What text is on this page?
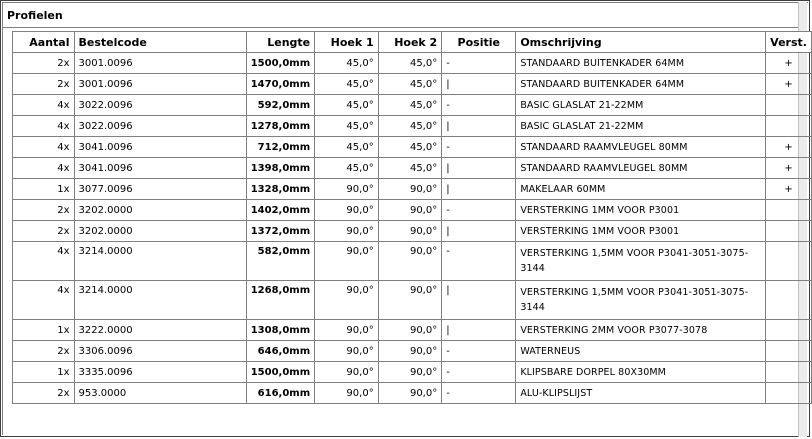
Profielen
Aantal	Bestelcode	Lengte	Hoek 1	Hoek 2	Positie	Omschrijving	Verst.
2x	3001.0096	1500,0mm	45,0°	45,0°	-	STANDAARD BUITENKADER 64MM	+
2x	3001.0096	1470,0mm	45,0°	45,0°	|	STANDAARD BUITENKADER 64MM	+
4x	3022.0096	592,0mm	45,0°	45,0°	-	BASIC GLASLAT 21-22MM	
4x	3022.0096	1278,0mm	45,0°	45,0°	|	BASIC GLASLAT 21-22MM	
4x	3041.0096	712,0mm	45,0°	45,0°	-	STANDAARD RAAMVLEUGEL 80MM	+
4x	3041.0096	1398,0mm	45,0°	45,0°	|	STANDAARD RAAMVLEUGEL 80MM	+
1x	3077.0096	1328,0mm	90,0°	90,0°	|	MAKELAAR 60MM	+
2x	3202.0000	1402,0mm	90,0°	90,0°	-	VERSTERKING 1MM VOOR P3001	
2x	3202.0000	1372,0mm	90,0°	90,0°	|	VERSTERKING 1MM VOOR P3001	
4x	3214.0000	582,0mm	90,0°	90,0°	-	VERSTERKING 1,5MM VOOR P3041-3051-3075-3144	
4x	3214.0000	1268,0mm	90,0°	90,0°	|	VERSTERKING 1,5MM VOOR P3041-3051-3075-3144	
1x	3222.0000	1308,0mm	90,0°	90,0°	|	VERSTERKING 2MM VOOR P3077-3078	
2x	3306.0096	646,0mm	90,0°	90,0°	-	WATERNEUS	
1x	3335.0096	1500,0mm	90,0°	90,0°	-	KLIPSBARE DORPEL 80X30MM	
2x	953.0000	616,0mm	90,0°	90,0°	-	ALU-KLIPSLIJST	
